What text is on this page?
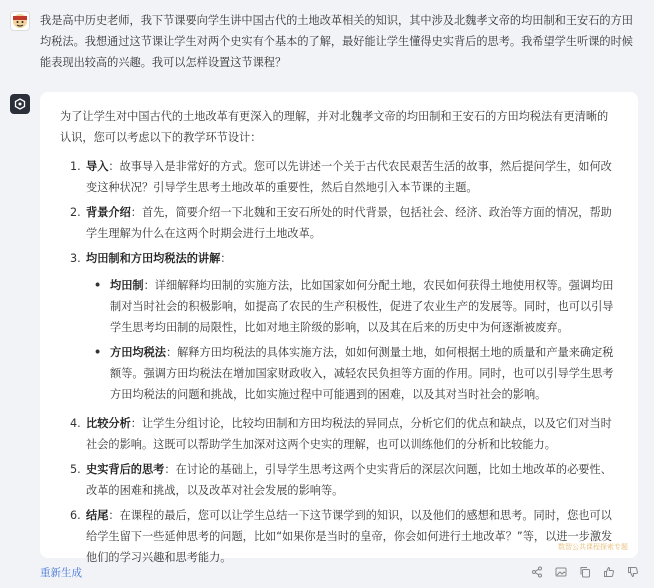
我是高中历史老师，我下节课要向学生讲中国古代的土地改革相关的知识，其中涉及北魏孝文帝的均田制和王安石的方田均税法。我想通过这节课让学生对两个史实有个基本的了解，最好能让学生懂得史实背后的思考。我希望学生听课的时候能表现出较高的兴趣。我可以怎样设置这节课程？
为了让学生对中国古代的土地改革有更深入的理解，并对北魏孝文帝的均田制和王安石的方田均税法有更清晰的认识，您可以考虑以下的教学环节设计：
1. 导入：故事导入是非常好的方式。您可以先讲述一个关于古代农民艰苦生活的故事，然后提问学生，如何改变这种状况？引导学生思考土地改革的重要性，然后自然地引入本节课的主题。
2. 背景介绍：首先，简要介绍一下北魏和王安石所处的时代背景，包括社会、经济、政治等方面的情况，帮助学生理解为什么在这两个时期会进行土地改革。
3. 均田制和方田均税法的讲解：
• 均田制：详细解释均田制的实施方法，比如国家如何分配土地，农民如何获得土地使用权等。强调均田制对当时社会的积极影响，如提高了农民的生产积极性，促进了农业生产的发展等。同时，也可以引导学生思考均田制的局限性，比如对地主阶级的影响，以及其在后来的历史中为何逐渐被废弃。
• 方田均税法：解释方田均税法的具体实施方法，如如何测量土地，如何根据土地的质量和产量来确定税额等。强调方田均税法在增加国家财政收入，减轻农民负担等方面的作用。同时，也可以引导学生思考方田均税法的问题和挑战，比如实施过程中可能遇到的困难，以及其对当时社会的影响。
4. 比较分析：让学生分组讨论，比较均田制和方田均税法的异同点，分析它们的优点和缺点，以及它们对当时社会的影响。这既可以帮助学生加深对这两个史实的理解，也可以训练他们的分析和比较能力。
5. 史实背后的思考：在讨论的基础上，引导学生思考这两个史实背后的深层次问题，比如土地改革的必要性、改革的困难和挑战，以及改革对社会发展的影响等。
6. 结尾：在课程的最后，您可以让学生总结一下这节课学到的知识，以及他们的感想和思考。同时，您也可以给学生留下一些延伸思考的问题，比如“如果你是当时的皇帝，你会如何进行土地改革？”等，以进一步激发他们的学习兴趣和思考能力。
数智公共课程探索专题
重新生成
